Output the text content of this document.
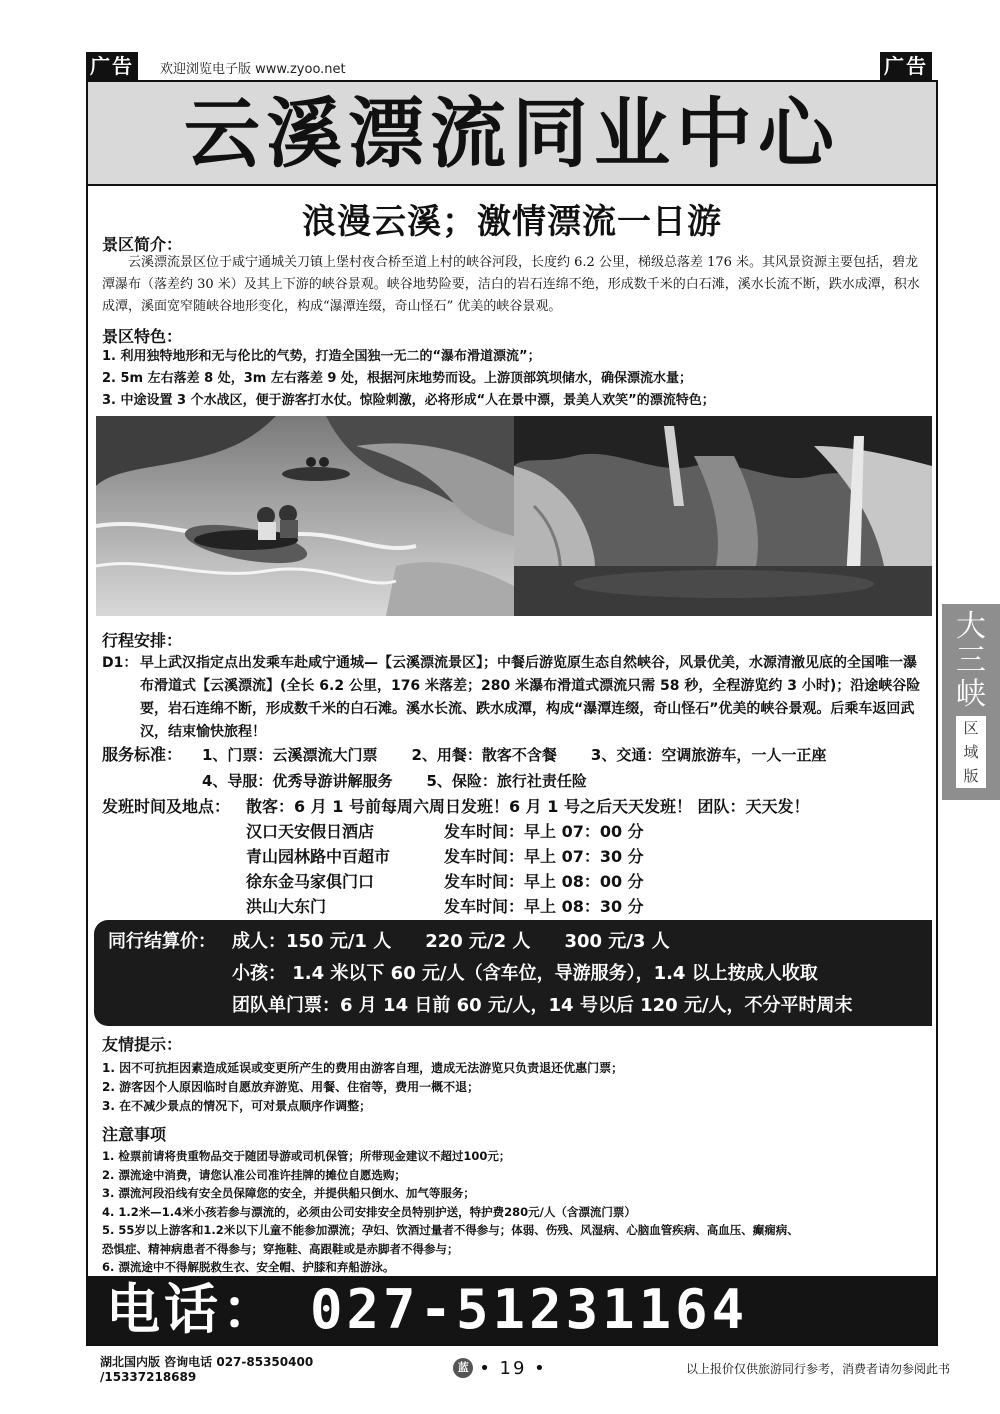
广告	欢迎浏览电子版 www.zyoo.net	广告
云溪漂流同业中心
浪漫云溪；激情漂流一日游
景区简介：

云溪漂流景区位于咸宁通城关刀镇上堡村夜合桥至道上村的峡谷河段，长度约 6.2 公里，梯级总落差 176 米。其风景资源主要包括，碧龙潭瀑布（落差约 30 米）及其上下游的峡谷景观。峡谷地势险要，洁白的岩石连绵不绝，形成数千米的白石滩，溪水长流不断，跌水成潭，积水成潭，溪面宽窄随峡谷地形变化，构成“瀑潭连缀，奇山怪石” 优美的峡谷景观。

景区特色：
1. 利用独特地形和无与伦比的气势，打造全国独一无二的“瀑布滑道漂流”；
2. 5m 左右落差 8 处，3m 左右落差 9 处，根据河床地势而设。上游顶部筑坝储水，确保漂流水量；
3. 中途设置 3 个水战区，便于游客打水仗。惊险刺激，必将形成“人在景中漂，景美人欢笑”的漂流特色；
行程安排：
D1： 早上武汉指定点出发乘车赴咸宁通城—【云溪漂流景区】；中餐后游览原生态自然峡谷，风景优美，水源清澈见底的全国唯一瀑布滑道式【云溪漂流】(全长 6.2 公里，176 米落差；280 米瀑布滑道式漂流只需 58 秒，全程游览约 3 小时)；沿途峡谷险要，岩石连绵不断，形成数千米的白石滩。溪水长流、跌水成潭，构成“瀑潭连缀，奇山怪石”优美的峡谷景观。后乘车返回武汉，结束愉快旅程！
服务标准：	1、门票：云溪漂流大门票 2、用餐：散客不含餐 3、交通：空调旅游车，一人一正座
4、导服：优秀导游讲解服务 5、保险：旅行社责任险
发班时间及地点： 散客：6 月 1 号前每周六周日发班！6 月 1 号之后天天发班！ 团队：天天发！
汉口天安假日酒店	发车时间：早上 07：00 分
青山园林路中百超市	发车时间：早上 07：30 分
徐东金马家俱门口	发车时间：早上 08：00 分
洪山大东门	发车时间：早上 08：30 分
同行结算价： 成人： 150 元/1 人 220 元/2 人 300 元/3 人
小孩： 1.4 米以下 60 元/人（含车位，导游服务），1.4 以上按成人收取
团队单门票：6 月 14 日前 60 元/人，14 号以后 120 元/人，不分平时周末
友情提示：
1. 因不可抗拒因素造成延误或变更所产生的费用由游客自理，遗成无法游览只负责退还优惠门票；
2. 游客因个人原因临时自愿放弃游览、用餐、住宿等，费用一概不退；
3. 在不减少景点的情况下，可对景点顺序作调整；
注意事项
1. 检票前请将贵重物品交于随团导游或司机保管；所带现金建议不超过100元；
2. 漂流途中消费，请您认准公司准许挂牌的摊位自愿选购；
3. 漂流河段沿线有安全员保障您的安全，并提供船只倒水、加气等服务；
4. 1.2米—1.4米小孩若参与漂流的，必须由公司安排安全员特别护送，特护费280元/人（含漂流门票）
5. 55岁以上游客和1.2米以下儿童不能参加漂流；孕妇、饮酒过量者不得参与；体弱、伤残、风湿病、心脑血管疾病、高血压、癫痫病、
恐惧症、精神病患者不得参与；穿拖鞋、高跟鞋或是赤脚者不得参与；
6. 漂流途中不得解脱救生衣、安全帽、护膝和弃船游泳。
电话： 027-51231164
大三峡
区
域
版
湖北国内版 咨询电话 027-85350400 /15337218689
蓝 • 19 •	以上报价仅供旅游同行参考，消费者请勿参阅此书
